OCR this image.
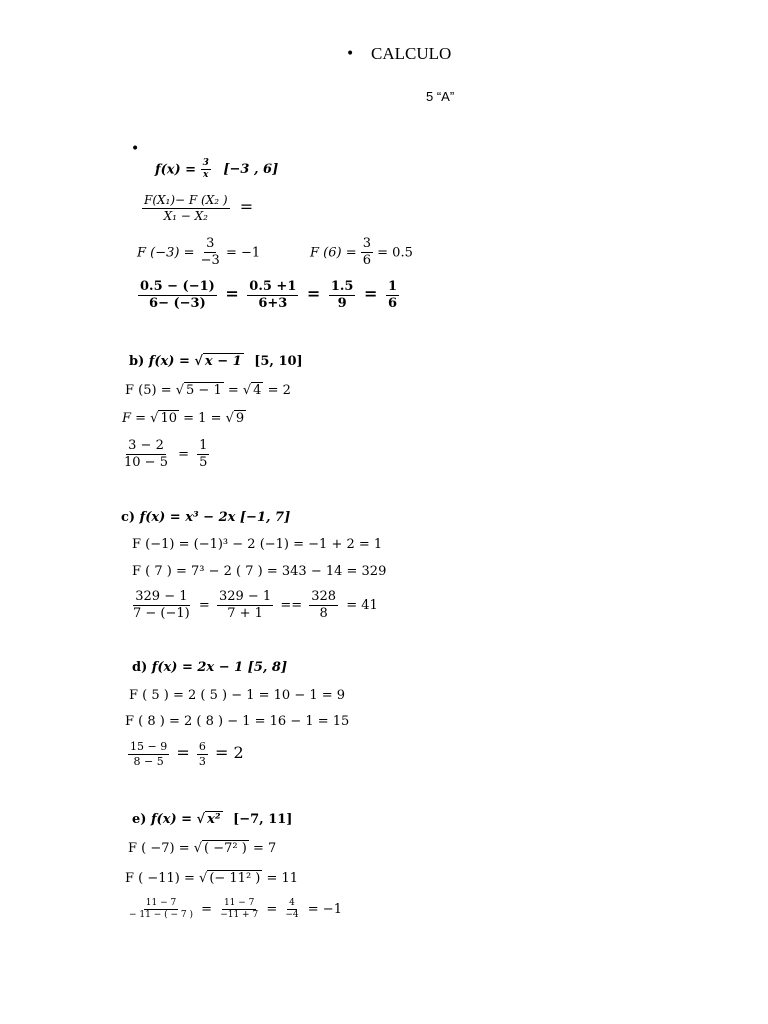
• CALCULO
5 “A”
•
$f(x) = \frac{3}{x} [-3$ , 6]
$\frac{\text{F(X₁)− F (X₂ )}}{\text{X₁ − X₂}}$ =
F $(-3) = \frac{3}{-3} = -1$	F $(6) = \frac{3}{6} = 0.5$
$\frac{0.5 - (-1)}{6- (-3)} = \frac{0.5 +1}{6+3} = \frac{1.5}{9} = \frac{1}{6}$
b) f(x) = √ x − 1 [5, 10]
F (5) = √ 5 − 1 = √ 4 = 2
F = √ 10 = 1 = √ 9
$\frac{3 - 2}{10 - 5} = \frac{1}{5}$
c) f(x) = x³ − 2x [−1, 7]
F (−1) = (−1)³ − 2 (−1) = −1 + 2 = 1
F ( 7 ) = 7³ − 2 ( 7 ) = 343 − 14 = 329
$\frac{329 - 1}{7 - (-1)} = \frac{329 - 1}{7 + 1} == \frac{328}{8} = 41$
d) f(x) = 2x − 1 [5, 8]
F ( 5 ) = 2 ( 5 ) − 1 = 10 − 1 = 9
F ( 8 ) = 2 ( 8 ) − 1 = 16 − 1 = 15
$\frac{15 - 9}{8 - 5} = \frac{6}{3} = 2$
e) f(x) = √ x² [−7, 11]
F ( −7) = √ ( −7² ) = 7
F ( −11) = √ (− 11² ) = 11
$\frac{11 - 7}{- 11 - ( - 7 )} = \frac{11 - 7}{-11 + 7} = \frac{4}{-4} = -1$
